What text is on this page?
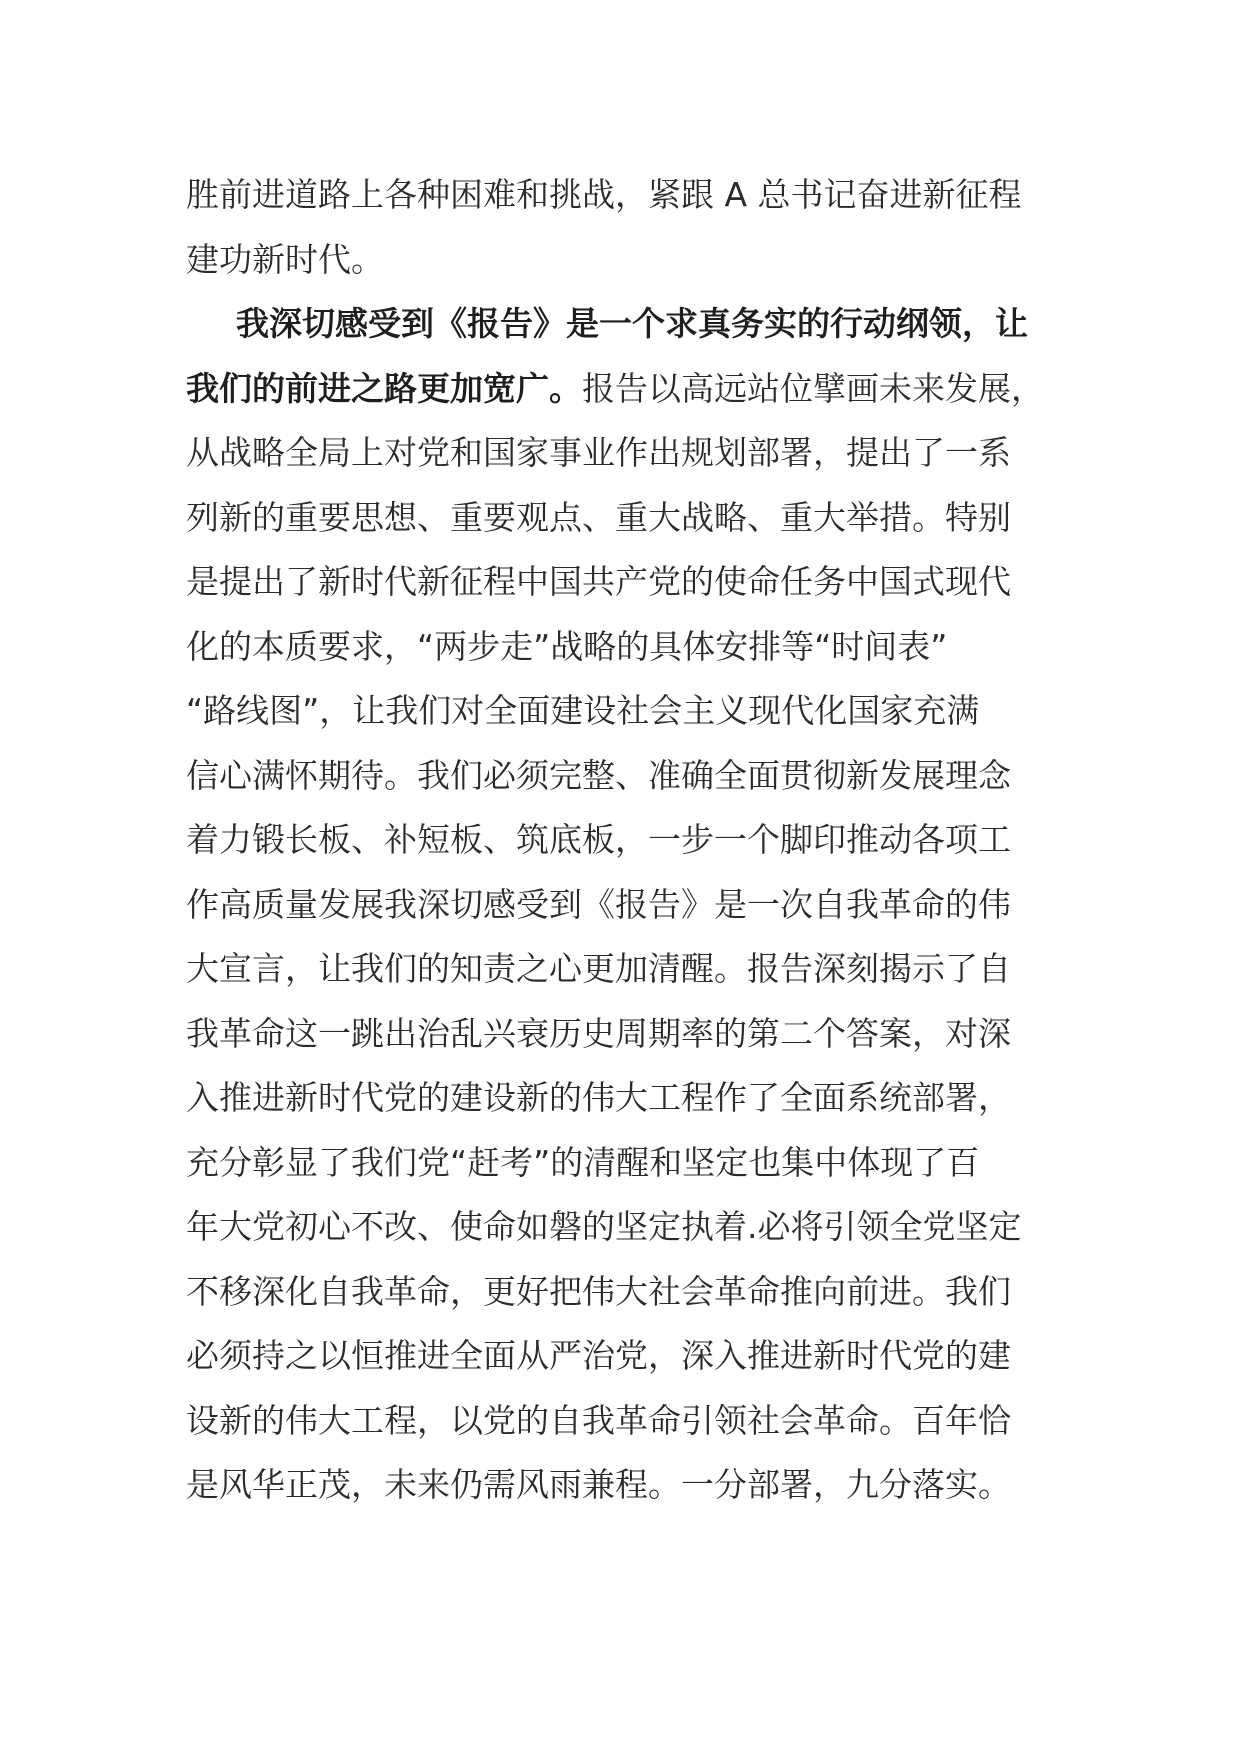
胜前进道路上各种困难和挑战，紧跟 A 总书记奋进新征程
建功新时代。
我深切感受到《报告》是一个求真务实的行动纲领，让
我们的前进之路更加宽广。报告以高远站位擘画未来发展，
从战略全局上对党和国家事业作出规划部署，提出了一系
列新的重要思想、重要观点、重大战略、重大举措。特别
是提出了新时代新征程中国共产党的使命任务中国式现代
化的本质要求，“两步走”战略的具体安排等“时间表”
“路线图”，让我们对全面建设社会主义现代化国家充满
信心满怀期待。我们必须完整、准确全面贯彻新发展理念
着力锻长板、补短板、筑底板，一步一个脚印推动各项工
作高质量发展我深切感受到《报告》是一次自我革命的伟
大宣言，让我们的知责之心更加清醒。报告深刻揭示了自
我革命这一跳出治乱兴衰历史周期率的第二个答案，对深
入推进新时代党的建设新的伟大工程作了全面系统部署，
充分彰显了我们党“赶考”的清醒和坚定也集中体现了百
年大党初心不改、使命如磐的坚定执着.必将引领全党坚定
不移深化自我革命，更好把伟大社会革命推向前进。我们
必须持之以恒推进全面从严治党，深入推进新时代党的建
设新的伟大工程，以党的自我革命引领社会革命。百年恰
是风华正茂，未来仍需风雨兼程。一分部署，九分落实。
